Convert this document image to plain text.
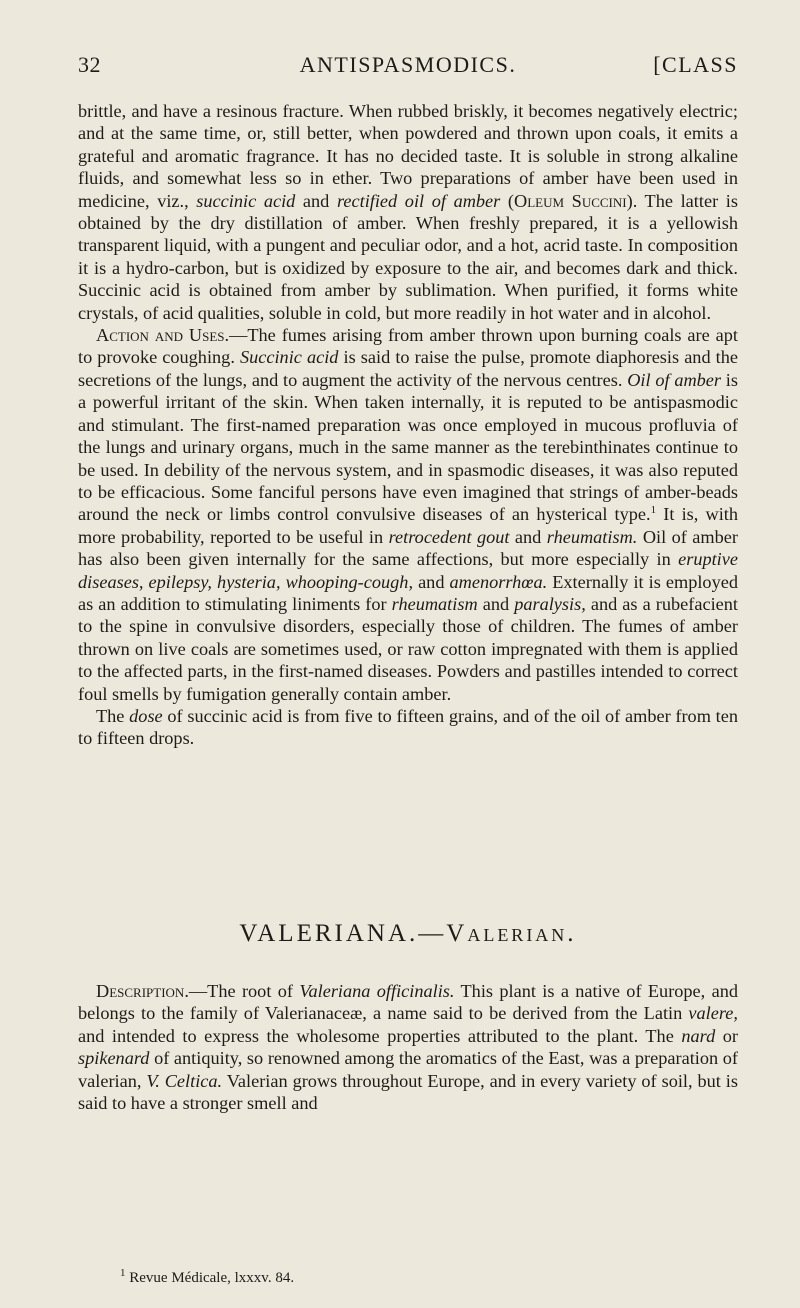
32	ANTISPASMODICS.	[CLASS

brittle, and have a resinous fracture. When rubbed briskly, it becomes negatively electric; and at the same time, or, still better, when powdered and thrown upon coals, it emits a grateful and aromatic fragrance. It has no decided taste. It is soluble in strong alkaline fluids, and somewhat less so in ether. Two preparations of amber have been used in medicine, viz., succinic acid and rectified oil of amber (Oleum Succini). The latter is obtained by the dry distillation of amber. When freshly prepared, it is a yellowish transparent liquid, with a pungent and peculiar odor, and a hot, acrid taste. In composition it is a hydro-carbon, but is oxidized by exposure to the air, and becomes dark and thick. Succinic acid is obtained from amber by sublimation. When purified, it forms white crystals, of acid qualities, soluble in cold, but more readily in hot water and in alcohol.

Action and Uses.—The fumes arising from amber thrown upon burning coals are apt to provoke coughing. Succinic acid is said to raise the pulse, promote diaphoresis and the secretions of the lungs, and to augment the activity of the nervous centres. Oil of amber is a powerful irritant of the skin. When taken internally, it is reputed to be antispasmodic and stimulant. The first-named preparation was once employed in mucous profluvia of the lungs and urinary organs, much in the same manner as the terebinthinates continue to be used. In debility of the nervous system, and in spasmodic diseases, it was also reputed to be efficacious. Some fanciful persons have even imagined that strings of amber-beads around the neck or limbs control convulsive diseases of an hysterical type.$^1$ It is, with more probability, reported to be useful in retrocedent gout and rheumatism. Oil of amber has also been given internally for the same affections, but more especially in eruptive diseases, epilepsy, hysteria, whooping-cough, and amenorrhœa. Externally it is employed as an addition to stimulating liniments for rheumatism and paralysis, and as a rubefacient to the spine in convulsive disorders, especially those of children. The fumes of amber thrown on live coals are sometimes used, or raw cotton impregnated with them is applied to the affected parts, in the first-named diseases. Powders and pastilles intended to correct foul smells by fumigation generally contain amber.

The dose of succinic acid is from five to fifteen grains, and of the oil of amber from ten to fifteen drops.

VALERIANA.—Valerian.

Description.—The root of Valeriana officinalis. This plant is a native of Europe, and belongs to the family of Valerianaceæ, a name said to be derived from the Latin valere, and intended to express the wholesome properties attributed to the plant. The nard or spikenard of antiquity, so renowned among the aromatics of the East, was a preparation of valerian, V. Celtica. Valerian grows throughout Europe, and in every variety of soil, but is said to have a stronger smell and

$^1$ Revue Médicale, lxxxv. 84.
